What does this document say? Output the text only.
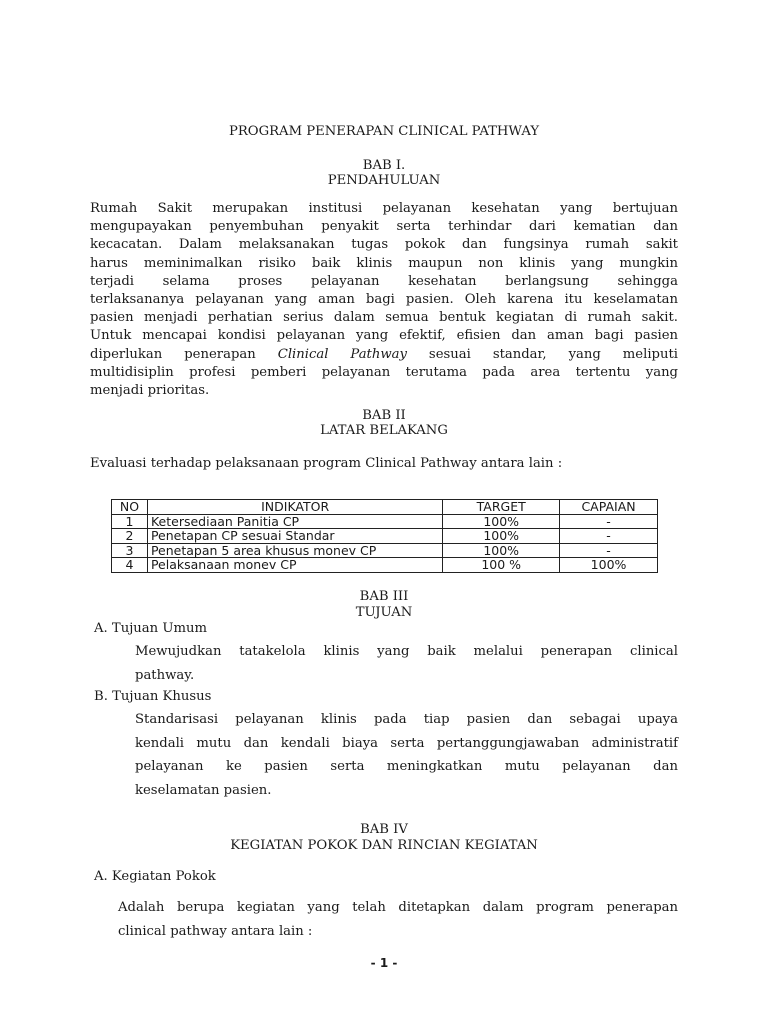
PROGRAM PENERAPAN CLINICAL PATHWAY
BAB I.
PENDAHULUAN
Rumah Sakit merupakan institusi pelayanan kesehatan yang bertujuan
mengupayakan penyembuhan penyakit serta terhindar dari kematian dan
kecacatan. Dalam melaksanakan tugas pokok dan fungsinya rumah sakit
harus meminimalkan risiko baik klinis maupun non klinis yang mungkin
terjadi selama proses pelayanan kesehatan berlangsung sehingga
terlaksananya pelayanan yang aman bagi pasien. Oleh karena itu keselamatan
pasien menjadi perhatian serius dalam semua bentuk kegiatan di rumah sakit.
Untuk mencapai kondisi pelayanan yang efektif, efisien dan aman bagi pasien
diperlukan penerapan Clinical Pathway sesuai standar, yang meliputi
multidisiplin profesi pemberi pelayanan terutama pada area tertentu yang
menjadi prioritas.
BAB II
LATAR BELAKANG
Evaluasi terhadap pelaksanaan program Clinical Pathway antara lain :
NO	INDIKATOR	TARGET	CAPAIAN
1	Ketersediaan Panitia CP	100%	-
2	Penetapan CP sesuai Standar	100%	-
3	Penetapan 5 area khusus monev CP	100%	-
4	Pelaksanaan monev CP	100 %	100%
BAB III
TUJUAN
A. Tujuan Umum
Mewujudkan tatakelola klinis yang baik melalui penerapan clinical
pathway.
B. Tujuan Khusus
Standarisasi pelayanan klinis pada tiap pasien dan sebagai upaya
kendali mutu dan kendali biaya serta pertanggungjawaban administratif
pelayanan ke pasien serta meningkatkan mutu pelayanan dan
keselamatan pasien.
BAB IV
KEGIATAN POKOK DAN RINCIAN KEGIATAN
A. Kegiatan Pokok
Adalah berupa kegiatan yang telah ditetapkan dalam program penerapan
clinical pathway antara lain :
- 1 -
